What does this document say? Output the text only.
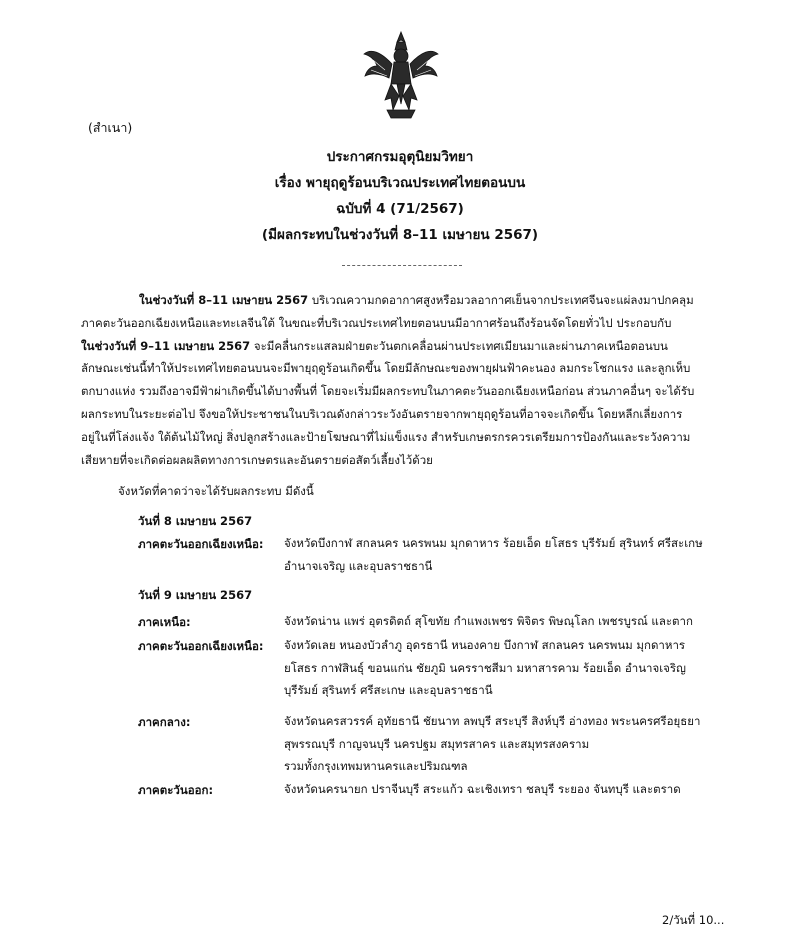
(สำเนา)
ประกาศกรมอุตุนิยมวิทยา
เรื่อง พายุฤดูร้อนบริเวณประเทศไทยตอนบน
ฉบับที่ 4 (71/2567)
(มีผลกระทบในช่วงวันที่ 8–11 เมษายน 2567)

ในช่วงวันที่ 8–11 เมษายน 2567 บริเวณความกดอากาศสูงหรือมวลอากาศเย็นจากประเทศจีนจะแผ่ลงมาปกคลุม
ภาคตะวันออกเฉียงเหนือและทะเลจีนใต้ ในขณะที่บริเวณประเทศไทยตอนบนมีอากาศร้อนถึงร้อนจัดโดยทั่วไป ประกอบกับ
ในช่วงวันที่ 9–11 เมษายน 2567 จะมีคลื่นกระแสลมฝ่ายตะวันตกเคลื่อนผ่านประเทศเมียนมาและผ่านภาคเหนือตอนบน
ลักษณะเช่นนี้ทำให้ประเทศไทยตอนบนจะมีพายุฤดูร้อนเกิดขึ้น โดยมีลักษณะของพายุฝนฟ้าคะนอง ลมกระโชกแรง และลูกเห็บ
ตกบางแห่ง รวมถึงอาจมีฟ้าผ่าเกิดขึ้นได้บางพื้นที่ โดยจะเริ่มมีผลกระทบในภาคตะวันออกเฉียงเหนือก่อน ส่วนภาคอื่นๆ จะได้รับ
ผลกระทบในระยะต่อไป จึงขอให้ประชาชนในบริเวณดังกล่าวระวังอันตรายจากพายุฤดูร้อนที่อาจจะเกิดขึ้น โดยหลีกเลี่ยงการ
อยู่ในที่โล่งแจ้ง ใต้ต้นไม้ใหญ่ สิ่งปลูกสร้างและป้ายโฆษณาที่ไม่แข็งแรง สำหรับเกษตรกรควรเตรียมการป้องกันและระวังความ
เสียหายที่จะเกิดต่อผลผลิตทางการเกษตรและอันตรายต่อสัตว์เลี้ยงไว้ด้วย

จังหวัดที่คาดว่าจะได้รับผลกระทบ มีดังนี้
วันที่ 8 เมษายน 2567
ภาคตะวันออกเฉียงเหนือ: จังหวัดบึงกาฬ สกลนคร นครพนม มุกดาหาร ร้อยเอ็ด ยโสธร บุรีรัมย์ สุรินทร์ ศรีสะเกษ
อำนาจเจริญ และอุบลราชธานี
วันที่ 9 เมษายน 2567
ภาคเหนือ:	จังหวัดน่าน แพร่ อุตรดิตถ์ สุโขทัย กำแพงเพชร พิจิตร พิษณุโลก เพชรบูรณ์ และตาก
ภาคตะวันออกเฉียงเหนือ: จังหวัดเลย หนองบัวลำภู อุดรธานี หนองคาย บึงกาฬ สกลนคร นครพนม มุกดาหาร
ยโสธร กาฬสินธุ์ ขอนแก่น ชัยภูมิ นครราชสีมา มหาสารคาม ร้อยเอ็ด อำนาจเจริญ
บุรีรัมย์ สุรินทร์ ศรีสะเกษ และอุบลราชธานี
ภาคกลาง:	จังหวัดนครสวรรค์ อุทัยธานี ชัยนาท ลพบุรี สระบุรี สิงห์บุรี อ่างทอง พระนครศรีอยุธยา
สุพรรณบุรี กาญจนบุรี นครปฐม สมุทรสาคร และสมุทรสงคราม
รวมทั้งกรุงเทพมหานครและปริมณฑล
ภาคตะวันออก:	จังหวัดนครนายก ปราจีนบุรี สระแก้ว ฉะเชิงเทรา ชลบุรี ระยอง จันทบุรี และตราด
2/วันที่ 10...
